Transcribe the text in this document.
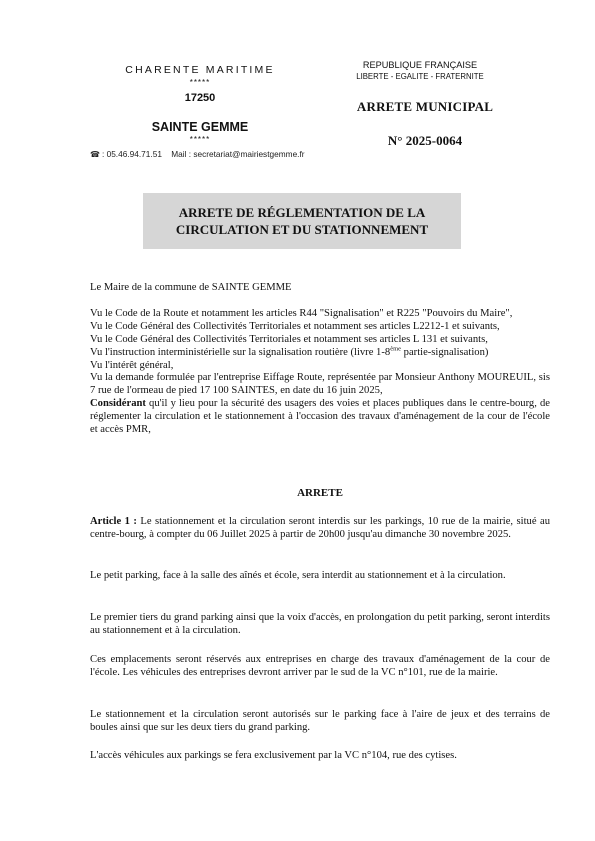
CHARENTE MARITIME
*****
17250
SAINTE GEMME
*****
☎ : 05.46.94.71.51 Mail : secretariat@mairiestgemme.fr
REPUBLIQUE FRANÇAISE
LIBERTE - EGALITE - FRATERNITE
ARRETE MUNICIPAL
N° 2025-0064
ARRETE DE RÉGLEMENTATION DE LA CIRCULATION ET DU STATIONNEMENT

Le Maire de la commune de SAINTE GEMME

Vu le Code de la Route et notamment les articles R44 "Signalisation" et R225 "Pouvoirs du Maire",

Vu le Code Général des Collectivités Territoriales et notamment ses articles L2212-1 et suivants,

Vu le Code Général des Collectivités Territoriales et notamment ses articles L 131 et suivants,

Vu l'instruction interministérielle sur la signalisation routière (livre 1-8ème partie-signalisation)

Vu l'intérêt général,

Vu la demande formulée par l'entreprise Eiffage Route, représentée par Monsieur Anthony MOUREUIL, sis 7 rue de l'ormeau de pied 17 100 SAINTES, en date du 16 juin 2025,

Considérant qu'il y lieu pour la sécurité des usagers des voies et places publiques dans le centre-bourg, de réglementer la circulation et le stationnement à l'occasion des travaux d'aménagement de la cour de l'école et accès PMR,

ARRETE

Article 1 : Le stationnement et la circulation seront interdis sur les parkings, 10 rue de la mairie, situé au centre-bourg, à compter du 06 Juillet 2025 à partir de 20h00 jusqu'au dimanche 30 novembre 2025.

Le petit parking, face à la salle des aînés et école, sera interdit au stationnement et à la circulation.
Le premier tiers du grand parking ainsi que la voix d'accès, en prolongation du petit parking, seront interdits au stationnement et à la circulation.
Ces emplacements seront réservés aux entreprises en charge des travaux d'aménagement de la cour de l'école. Les véhicules des entreprises devront arriver par le sud de la VC n°101, rue de la mairie.
Le stationnement et la circulation seront autorisés sur le parking face à l'aire de jeux et des terrains de boules ainsi que sur les deux tiers du grand parking.
L'accès véhicules aux parkings se fera exclusivement par la VC n°104, rue des cytises.
